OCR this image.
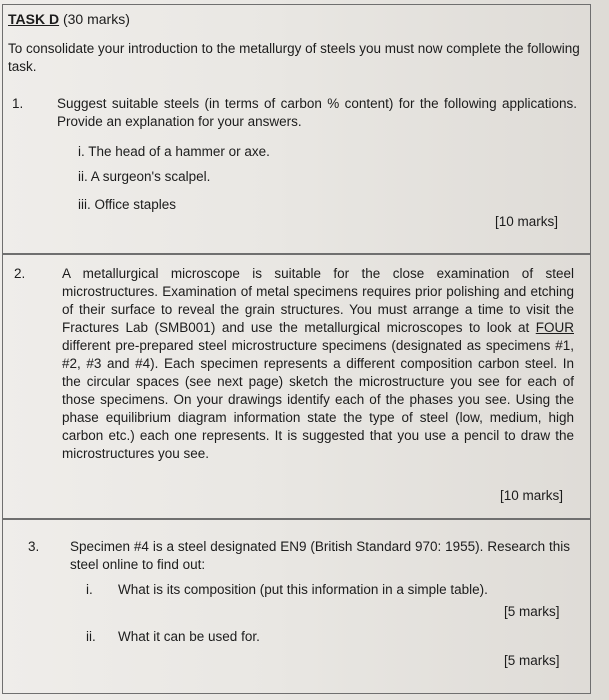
TASK D (30 marks)
To consolidate your introduction to the metallurgy of steels you must now complete the following task.
1. Suggest suitable steels (in terms of carbon % content) for the following applications. Provide an explanation for your answers.
i. The head of a hammer or axe.
ii. A surgeon's scalpel.
iii. Office staples
[10 marks]
2.	A metallurgical microscope is suitable for the close examination of steel microstructures. Examination of metal specimens requires prior polishing and etching of their surface to reveal the grain structures. You must arrange a time to visit the Fractures Lab (SMB001) and use the metallurgical microscopes to look at FOUR different pre-prepared steel microstructure specimens (designated as specimens #1, #2, #3 and #4). Each specimen represents a different composition carbon steel. In the circular spaces (see next page) sketch the microstructure you see for each of those specimens. On your drawings identify each of the phases you see. Using the phase equilibrium diagram information state the type of steel (low, medium, high carbon etc.) each one represents. It is suggested that you use a pencil to draw the microstructures you see.
[10 marks]
3. Specimen #4 is a steel designated EN9 (British Standard 970: 1955). Research this steel online to find out:
i. What is its composition (put this information in a simple table).
[5 marks]
ii. What it can be used for.
[5 marks]
